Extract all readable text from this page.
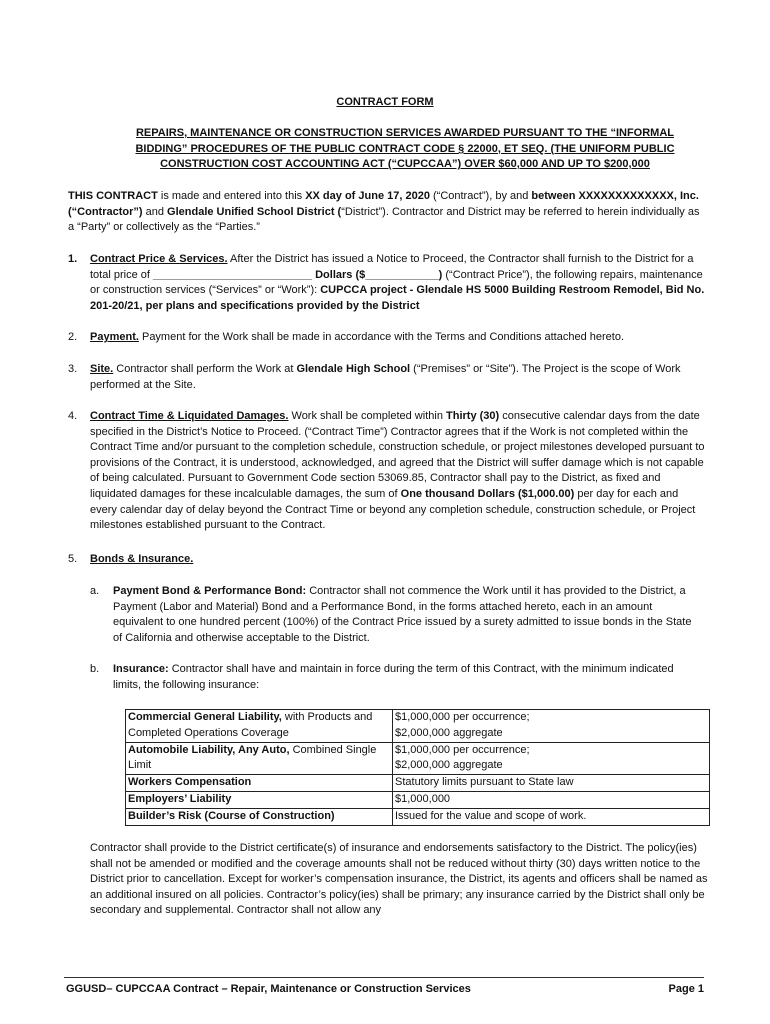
CONTRACT FORM
REPAIRS, MAINTENANCE OR CONSTRUCTION SERVICES AWARDED PURSUANT TO THE “INFORMAL BIDDING” PROCEDURES OF THE PUBLIC CONTRACT CODE § 22000, ET SEQ. (THE UNIFORM PUBLIC CONSTRUCTION COST ACCOUNTING ACT (“CUPCCAA”) OVER $60,000 AND UP TO $200,000
THIS CONTRACT is made and entered into this XX day of June 17, 2020 (“Contract”), by and between XXXXXXXXXXXXX, Inc. (“Contractor”) and Glendale Unified School District (“District”). Contractor and District may be referred to herein individually as a “Party” or collectively as the “Parties.”
1.	Contract Price & Services. After the District has issued a Notice to Proceed, the Contractor shall furnish to the District for a total price of __________________________ Dollars ($____________) (“Contract Price”), the following repairs, maintenance or construction services (“Services” or “Work”): CUPCCA project - Glendale HS 5000 Building Restroom Remodel, Bid No. 201-20/21, per plans and specifications provided by the District
2.	Payment. Payment for the Work shall be made in accordance with the Terms and Conditions attached hereto.
3.	Site. Contractor shall perform the Work at Glendale High School (“Premises” or “Site”). The Project is the scope of Work performed at the Site.
4.	Contract Time & Liquidated Damages. Work shall be completed within Thirty (30) consecutive calendar days from the date specified in the District’s Notice to Proceed. (“Contract Time”) Contractor agrees that if the Work is not completed within the Contract Time and/or pursuant to the completion schedule, construction schedule, or project milestones developed pursuant to provisions of the Contract, it is understood, acknowledged, and agreed that the District will suffer damage which is not capable of being calculated. Pursuant to Government Code section 53069.85, Contractor shall pay to the District, as fixed and liquidated damages for these incalculable damages, the sum of One thousand Dollars ($1,000.00) per day for each and every calendar day of delay beyond the Contract Time or beyond any completion schedule, construction schedule, or Project milestones established pursuant to the Contract.
5.	Bonds & Insurance.
a.	Payment Bond & Performance Bond: Contractor shall not commence the Work until it has provided to the District, a Payment (Labor and Material) Bond and a Performance Bond, in the forms attached hereto, each in an amount equivalent to one hundred percent (100%) of the Contract Price issued by a surety admitted to issue bonds in the State of California and otherwise acceptable to the District.
b.	Insurance: Contractor shall have and maintain in force during the term of this Contract, with the minimum indicated limits, the following insurance:
Commercial General Liability, with Products and Completed Operations Coverage	$1,000,000 per occurrence;
$2,000,000 aggregate

Automobile Liability, Any Auto, Combined Single Limit	$1,000,000 per occurrence;
$2,000,000 aggregate

Workers Compensation	Statutory limits pursuant to State law

Employers’ Liability	$1,000,000

Builder’s Risk (Course of Construction)	Issued for the value and scope of work.
Contractor shall provide to the District certificate(s) of insurance and endorsements satisfactory to the District. The policy(ies) shall not be amended or modified and the coverage amounts shall not be reduced without thirty (30) days written notice to the District prior to cancellation. Except for worker’s compensation insurance, the District, its agents and officers shall be named as an additional insured on all policies. Contractor’s policy(ies) shall be primary; any insurance carried by the District shall only be secondary and supplemental. Contractor shall not allow any
GGUSD– CUPCCAA Contract – Repair, Maintenance or Construction Services	Page 1
